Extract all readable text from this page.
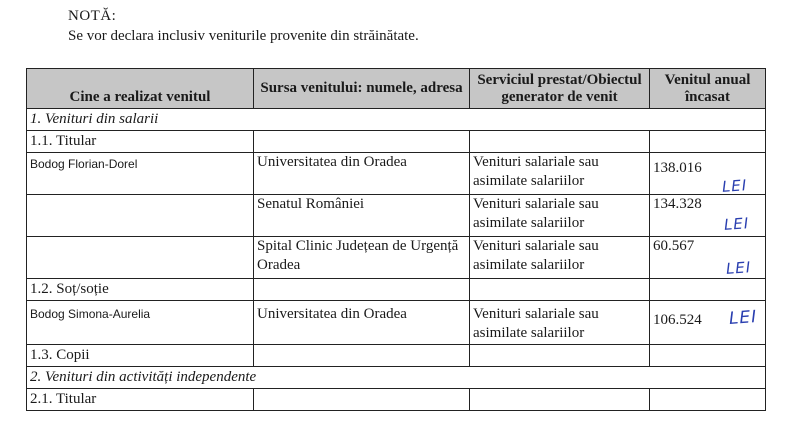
NOTĂ:
Se vor declara inclusiv veniturile provenite din străinătate.
Cine a realizat venitul	Sursa venitului: numele, adresa	Serviciul prestat/Obiectul generator de venit	Venitul anual încasat
1. Venituri din salarii			
1.1. Titular			
Bodog Florian-Dorel	Universitatea din Oradea	Venituri salariale sau asimilate salariilor	138.016
LEI

	Senatul României	Venituri salariale sau asimilate salariilor	134.328
LEI

	Spital Clinic Județean de Urgență Oradea	Venituri salariale sau asimilate salariilor	60.567
LEI

1.2. Soț/soție			
Bodog Simona-Aurelia	Universitatea din Oradea	Venituri salariale sau asimilate salariilor	106.524 LEI

1.3. Copii			
2. Venituri din activități independente			
2.1. Titular			
